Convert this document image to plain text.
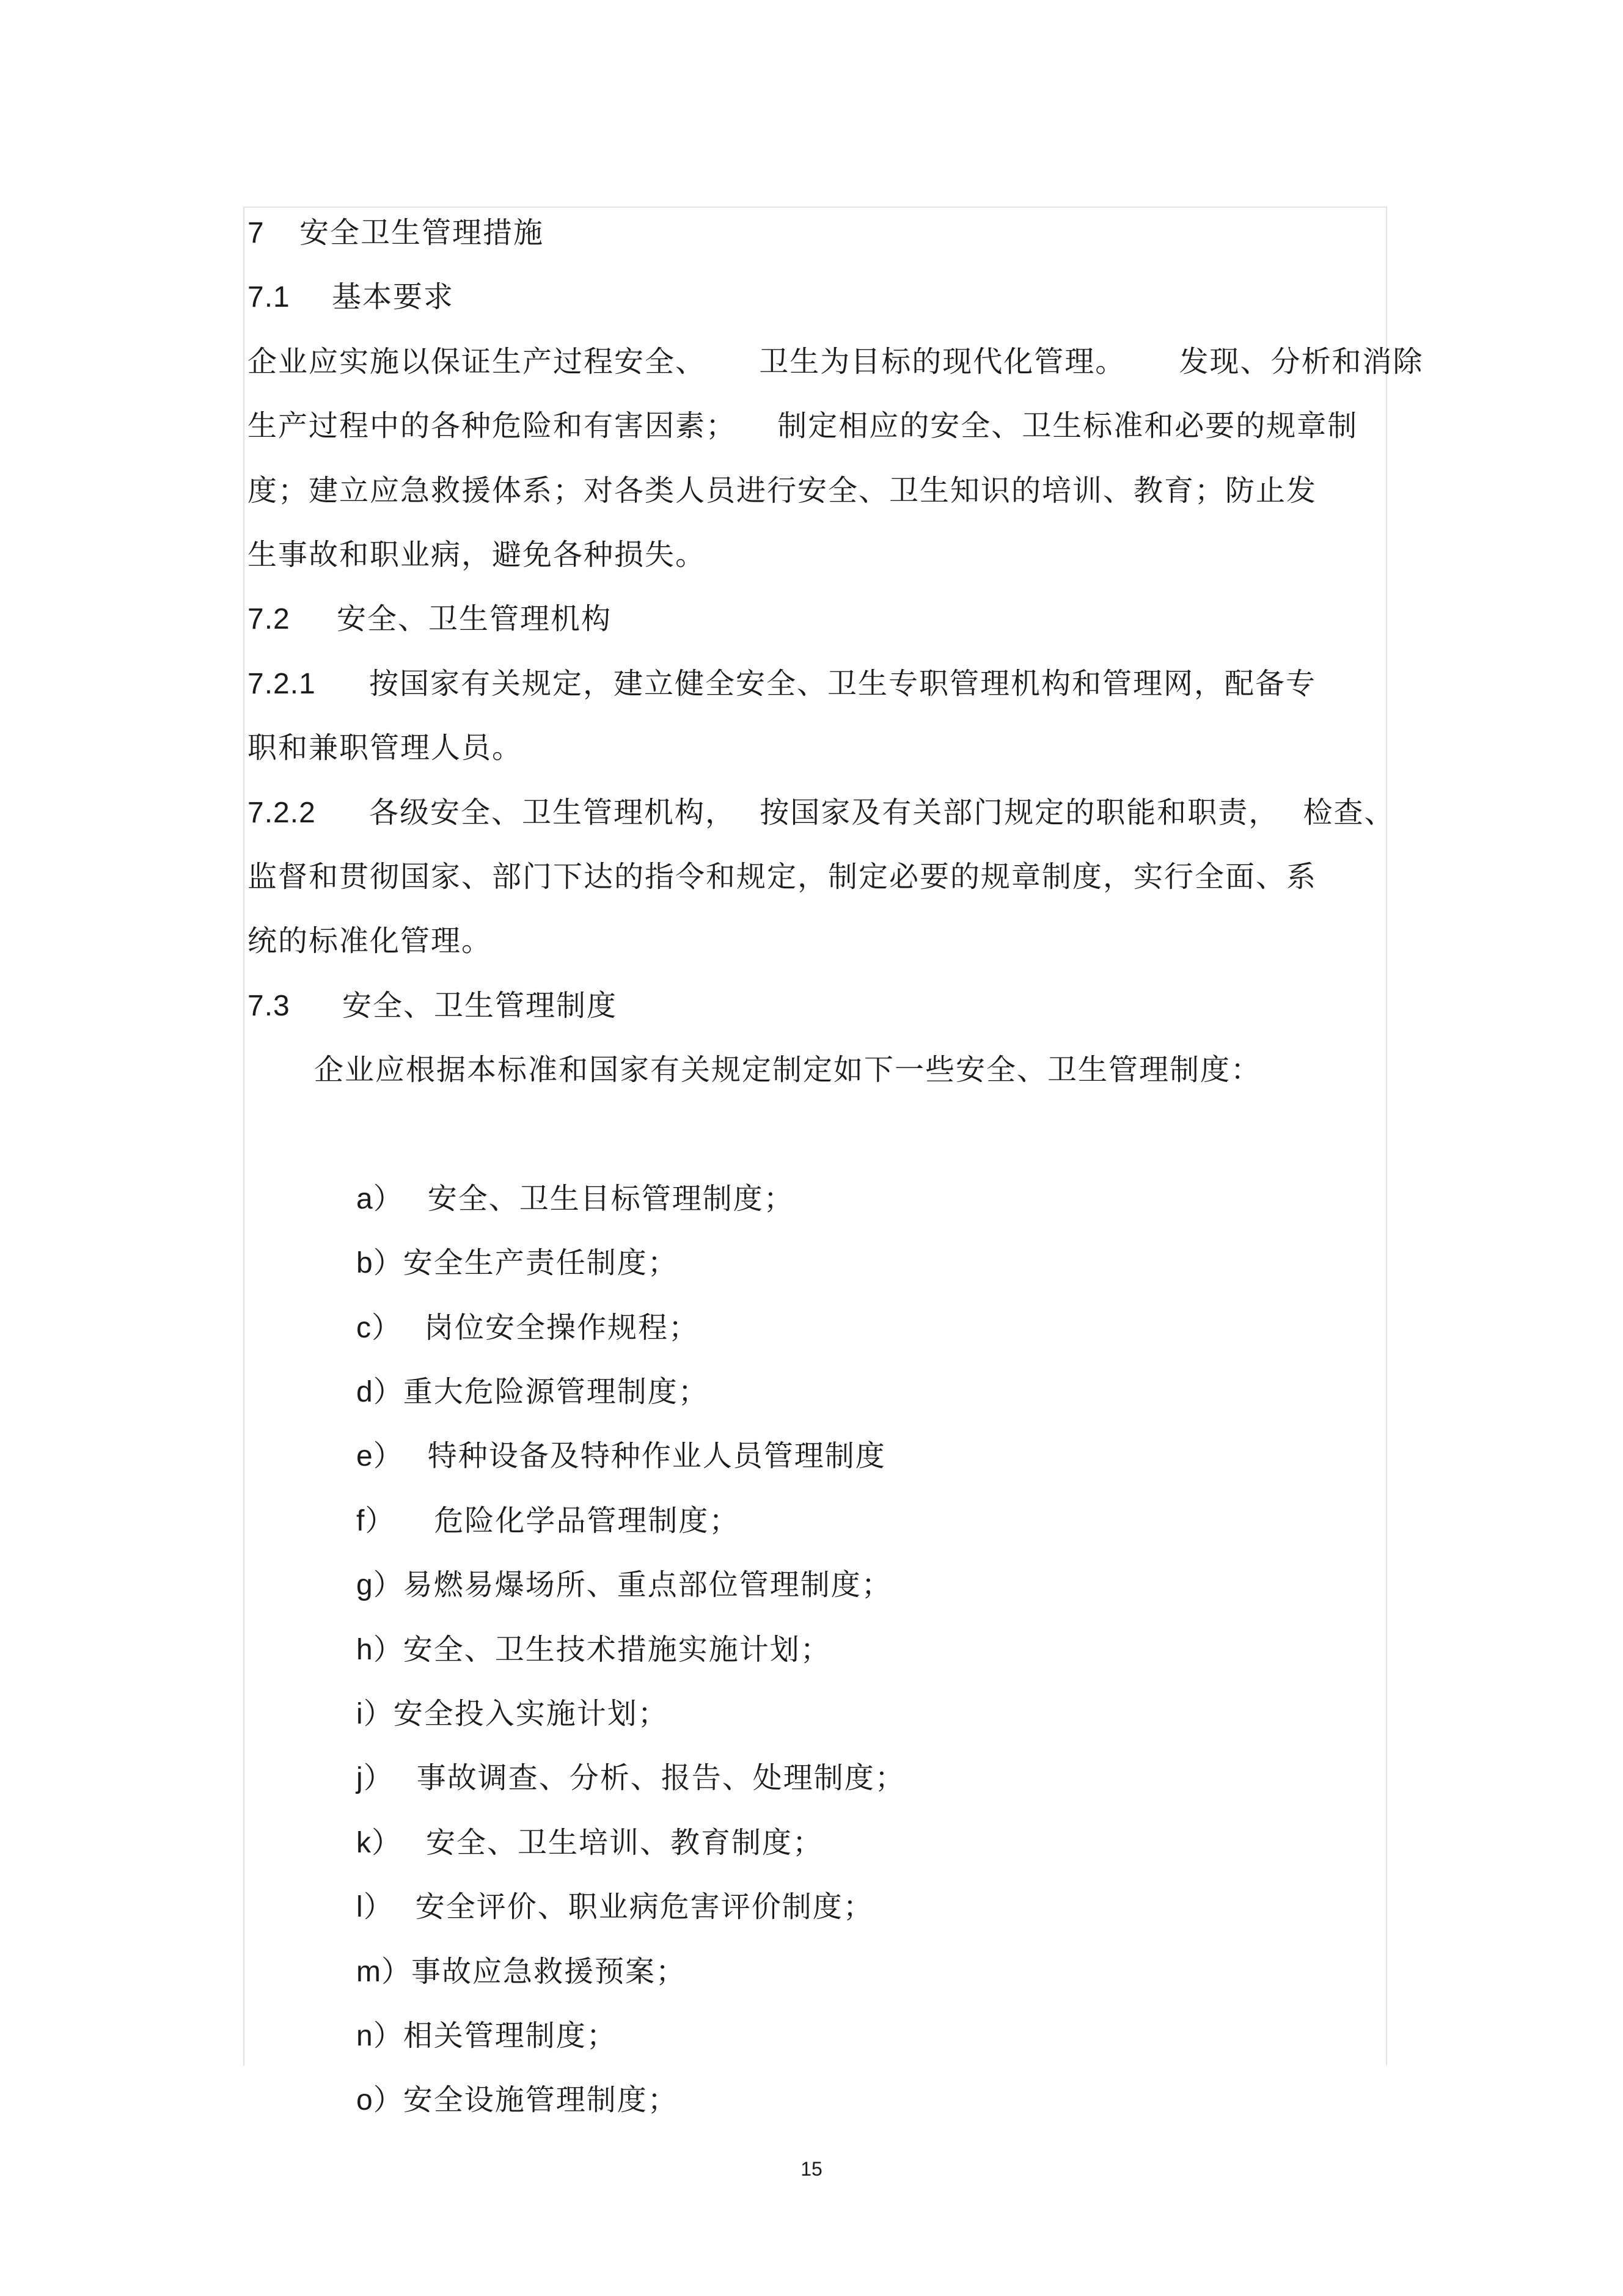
7

安全卫生管理措施

7.1

基本要求

企业应实施以保证生产过程安全、 卫生为目标的现代化管理。 发现、分析和消除
生产过程中的各种危险和有害因素； 制定相应的安全、卫生标准和必要的规章制
度；建立应急救援体系；对各类人员进行安全、卫生知识的培训、教育；防止发
生事故和职业病，避免各种损失。

7.2

安全、卫生管理机构

7.2.1

按国家有关规定，建立健全安全、卫生专职管理机构和管理网，配备专

职和兼职管理人员。

7.2.2

各级安全、卫生管理机构， 按国家及有关部门规定的职能和职责， 检查、

监督和贯彻国家、部门下达的指令和规定，制定必要的规章制度，实行全面、系
统的标准化管理。

7.3

安全、卫生管理制度

企业应根据本标准和国家有关规定制定如下一些安全、卫生管理制度：

a） 安全、卫生目标管理制度；

b）安全生产责任制度；

c） 岗位安全操作规程；

d）重大危险源管理制度；

e） 特种设备及特种作业人员管理制度

f） 危险化学品管理制度；

g）易燃易爆场所、重点部位管理制度；

h）安全、卫生技术措施实施计划；

i）安全投入实施计划；

j） 事故调查、分析、报告、处理制度；

k） 安全、卫生培训、教育制度；

l） 安全评价、职业病危害评价制度；

m）事故应急救援预案；

n）相关管理制度；

o）安全设施管理制度；

15
